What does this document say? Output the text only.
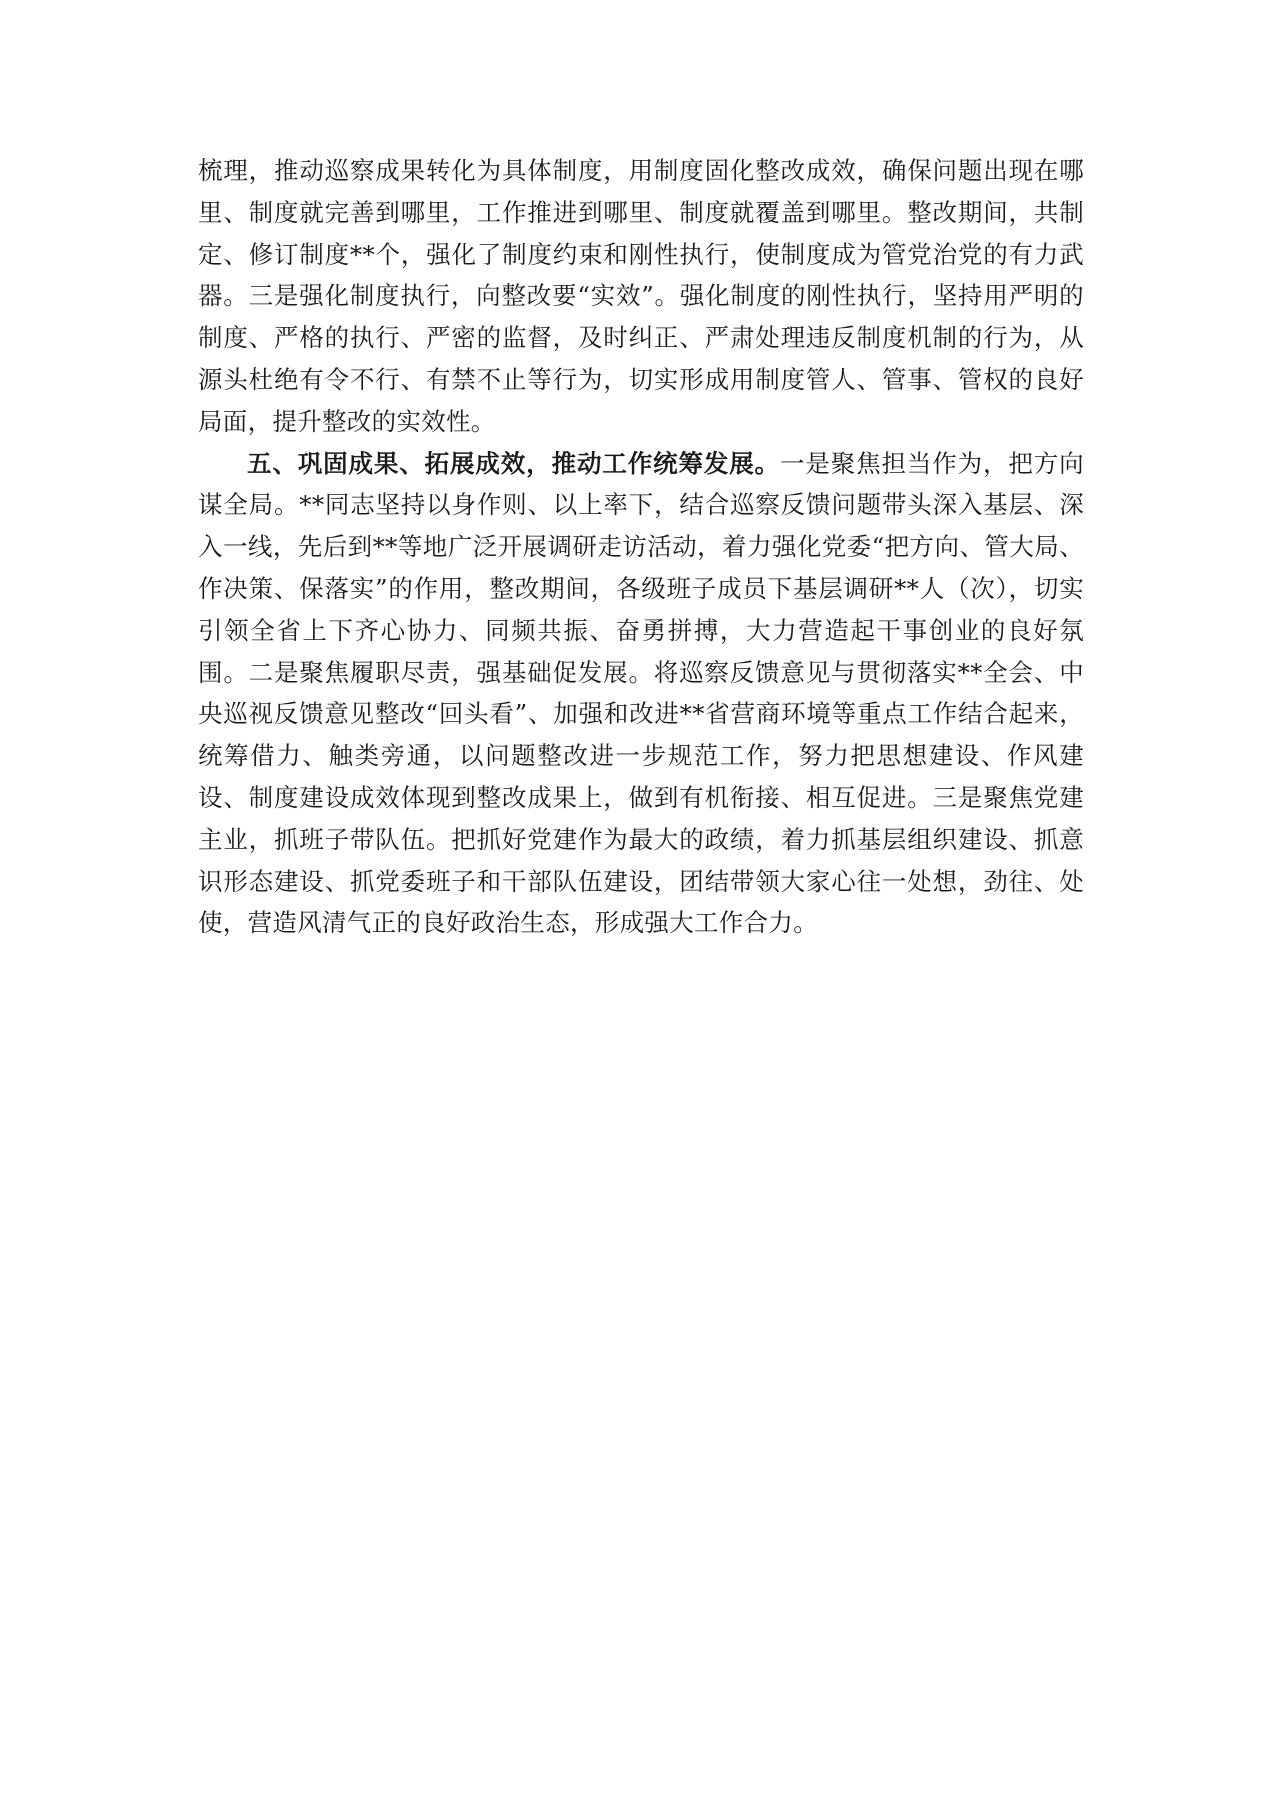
梳理，推动巡察成果转化为具体制度，用制度固化整改成效，确保问题出现在哪里、制度就完善到哪里，工作推进到哪里、制度就覆盖到哪里。整改期间，共制定、修订制度**个，强化了制度约束和刚性执行，使制度成为管党治党的有力武器。三是强化制度执行，向整改要“实效”。强化制度的刚性执行，坚持用严明的制度、严格的执行、严密的监督，及时纠正、严肃处理违反制度机制的行为，从源头杜绝有令不行、有禁不止等行为，切实形成用制度管人、管事、管权的良好局面，提升整改的实效性。

五、巩固成果、拓展成效，推动工作统筹发展。一是聚焦担当作为，把方向谋全局。**同志坚持以身作则、以上率下，结合巡察反馈问题带头深入基层、深入一线，先后到**等地广泛开展调研走访活动，着力强化党委“把方向、管大局、作决策、保落实”的作用，整改期间，各级班子成员下基层调研**人（次），切实引领全省上下齐心协力、同频共振、奋勇拼搏，大力营造起干事创业的良好氛围。二是聚焦履职尽责，强基础促发展。将巡察反馈意见与贯彻落实**全会、中央巡视反馈意见整改“回头看”、加强和改进**省营商环境等重点工作结合起来，统筹借力、触类旁通，以问题整改进一步规范工作，努力把思想建设、作风建设、制度建设成效体现到整改成果上，做到有机衔接、相互促进。三是聚焦党建主业，抓班子带队伍。把抓好党建作为最大的政绩，着力抓基层组织建设、抓意识形态建设、抓党委班子和干部队伍建设，团结带领大家心往一处想，劲往、处使，营造风清气正的良好政治生态，形成强大工作合力。
